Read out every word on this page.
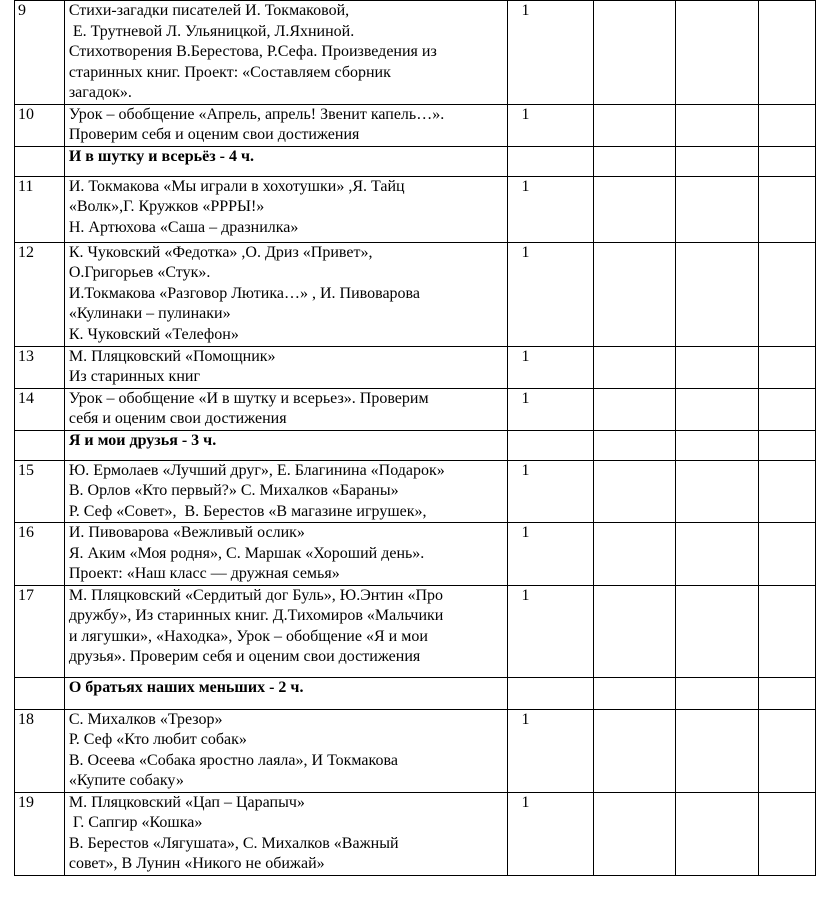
9	Стихи-загадки писателей И. Токмаковой,
Е. Трутневой Л. Ульяницкой, Л.Яхниной.
Стихотворения В.Берестова, Р.Сефа. Произведения из
старинных книг. Проект: «Составляем сборник
загадок».	1			
10	Урок – обобщение «Апрель, апрель! Звенит капель…».
Проверим себя и оценим свои достижения	1			

	И в шутку и всерьёз - 4 ч.				

11	И. Токмакова «Мы играли в хохотушки» ,Я. Тайц
«Волк»,Г. Кружков «РРРЫ!»
Н. Артюхова «Саша – дразнилка»	1			
12	К. Чуковский «Федотка» ,О. Дриз «Привет»,
О.Григорьев «Стук».
И.Токмакова «Разговор Лютика…» , И. Пивоварова
«Кулинаки – пулинаки»
К. Чуковский «Телефон»	1			
13	М. Пляцковский «Помощник»
Из старинных книг	1			
14	Урок – обобщение «И в шутку и всерьез». Проверим
себя и оценим свои достижения	1			

	Я и мои друзья - 3 ч.				

15	Ю. Ермолаев «Лучший друг», Е. Благинина «Подарок»
В. Орлов «Кто первый?» С. Михалков «Бараны»
Р. Сеф «Совет»,  В. Берестов «В магазине игрушек»,	1			
16	И. Пивоварова «Вежливый ослик»
Я. Аким «Моя родня», С. Маршак «Хороший день».
Проект: «Наш класс — дружная семья»	1			
17	М. Пляцковский «Сердитый дог Буль», Ю.Энтин «Про
дружбу», Из старинных книг. Д.Тихомиров «Мальчики
и лягушки», «Находка», Урок – обобщение «Я и мои
друзья». Проверим себя и оценим свои достижения	1			

	О братьях наших меньших - 2 ч.				

18	С. Михалков «Трезор»
Р. Сеф «Кто любит собак»
В. Осеева «Собака яростно лаяла», И Токмакова
«Купите собаку»	1			
19	М. Пляцковский «Цап – Царапыч»
Г. Сапгир «Кошка»
В. Берестов «Лягушата», С. Михалков «Важный
совет», В Лунин «Никого не обижай»	1			
